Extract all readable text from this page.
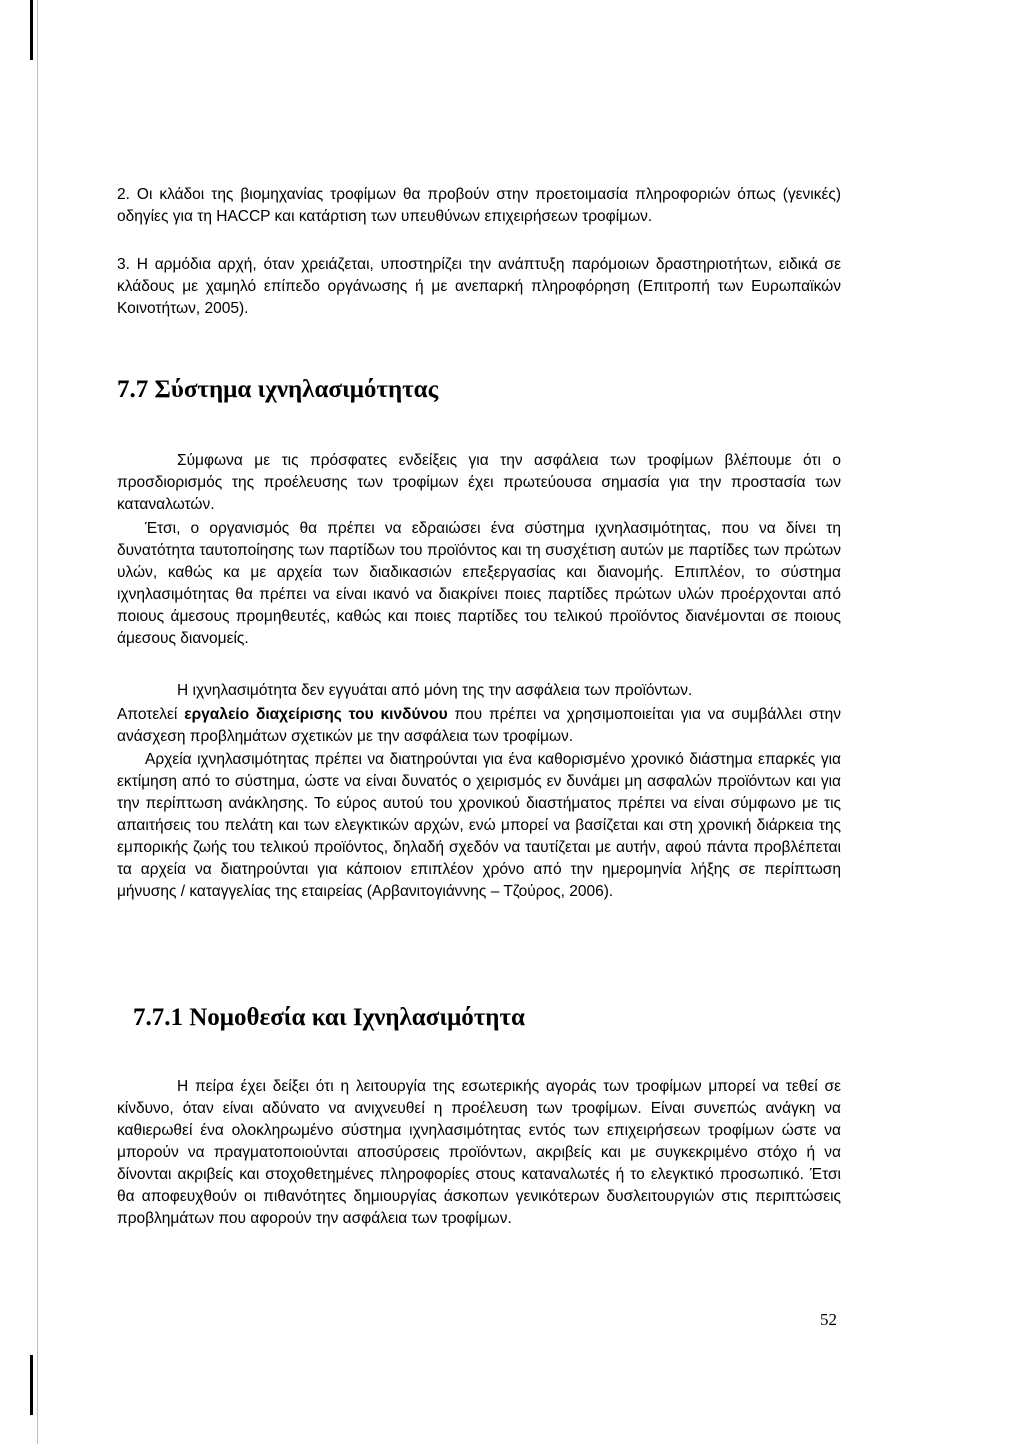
2. Οι κλάδοι της βιομηχανίας τροφίμων θα προβούν στην προετοιμασία πληροφοριών όπως (γενικές) οδηγίες για τη HACCP και κατάρτιση των υπευθύνων επιχειρήσεων τροφίμων.

3. Η αρμόδια αρχή, όταν χρειάζεται, υποστηρίζει την ανάπτυξη παρόμοιων δραστηριοτήτων, ειδικά σε κλάδους με χαμηλό επίπεδο οργάνωσης ή με ανεπαρκή πληροφόρηση (Επιτροπή των Ευρωπαϊκών Κοινοτήτων, 2005).

7.7 Σύστημα ιχνηλασιμότητας

Σύμφωνα με τις πρόσφατες ενδείξεις για την ασφάλεια των τροφίμων βλέπουμε ότι ο προσδιορισμός της προέλευσης των τροφίμων έχει πρωτεύουσα σημασία για την προστασία των καταναλωτών.

Έτσι, ο οργανισμός θα πρέπει να εδραιώσει ένα σύστημα ιχνηλασιμότητας, που να δίνει τη δυνατότητα ταυτοποίησης των παρτίδων του προϊόντος και τη συσχέτιση αυτών με παρτίδες των πρώτων υλών, καθώς κα με αρχεία των διαδικασιών επεξεργασίας και διανομής. Επιπλέον, το σύστημα ιχνηλασιμότητας θα πρέπει να είναι ικανό να διακρίνει ποιες παρτίδες πρώτων υλών προέρχονται από ποιους άμεσους προμηθευτές, καθώς και ποιες παρτίδες του τελικού προϊόντος διανέμονται σε ποιους άμεσους διανομείς.

Η ιχνηλασιμότητα δεν εγγυάται από μόνη της την ασφάλεια των προϊόντων.

Αποτελεί εργαλείο διαχείρισης του κινδύνου που πρέπει να χρησιμοποιείται για να συμβάλλει στην ανάσχεση προβλημάτων σχετικών με την ασφάλεια των τροφίμων.

Αρχεία ιχνηλασιμότητας πρέπει να διατηρούνται για ένα καθορισμένο χρονικό διάστημα επαρκές για εκτίμηση από το σύστημα, ώστε να είναι δυνατός ο χειρισμός εν δυνάμει μη ασφαλών προϊόντων και για την περίπτωση ανάκλησης. Το εύρος αυτού του χρονικού διαστήματος πρέπει να είναι σύμφωνο με τις απαιτήσεις του πελάτη και των ελεγκτικών αρχών, ενώ μπορεί να βασίζεται και στη χρονική διάρκεια της εμπορικής ζωής του τελικού προϊόντος, δηλαδή σχεδόν να ταυτίζεται με αυτήν, αφού πάντα προβλέπεται τα αρχεία να διατηρούνται για κάποιον επιπλέον χρόνο από την ημερομηνία λήξης σε περίπτωση μήνυσης / καταγγελίας της εταιρείας (Αρβανιτογιάννης – Τζούρος, 2006).

7.7.1 Νομοθεσία και Ιχνηλασιμότητα

Η πείρα έχει δείξει ότι η λειτουργία της εσωτερικής αγοράς των τροφίμων μπορεί να τεθεί σε κίνδυνο, όταν είναι αδύνατο να ανιχνευθεί η προέλευση των τροφίμων. Είναι συνεπώς ανάγκη να καθιερωθεί ένα ολοκληρωμένο σύστημα ιχνηλασιμότητας εντός των επιχειρήσεων τροφίμων ώστε να μπορούν να πραγματοποιούνται αποσύρσεις προϊόντων, ακριβείς και με συγκεκριμένο στόχο ή να δίνονται ακριβείς και στοχοθετημένες πληροφορίες στους καταναλωτές ή το ελεγκτικό προσωπικό. Έτσι θα αποφευχθούν οι πιθανότητες δημιουργίας άσκοπων γενικότερων δυσλειτουργιών στις περιπτώσεις προβλημάτων που αφορούν την ασφάλεια των τροφίμων.

52
